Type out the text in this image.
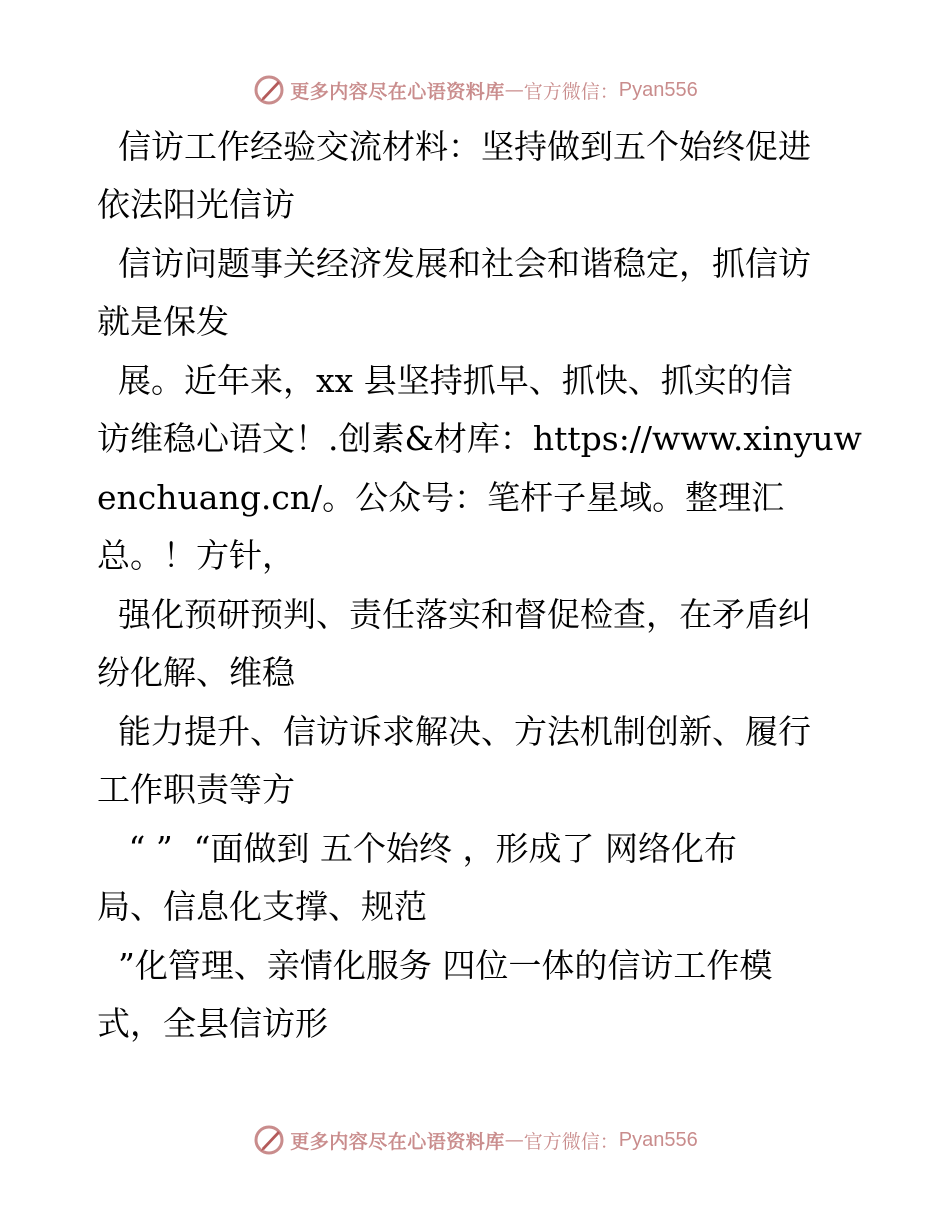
更多内容尽在心语资料库 — 官方微信： Pyan556
信访工作经验交流材料：坚持做到五个始终促进
依法阳光信访
信访问题事关经济发展和社会和谐稳定，抓信访
就是保发
展。近年来，xx 县坚持抓早、抓快、抓实的信
访维稳心语文！.创素&材库：https://www.xinyuw
enchuang.cn/。公众号：笔杆子星域。整理汇
总。！方针，
强化预研预判、责任落实和督促检查，在矛盾纠
纷化解、维稳
能力提升、信访诉求解决、方法机制创新、履行
工作职责等方
“ ”  “面做到 五个始终 ，形成了 网络化布
局、信息化支撑、规范
”化管理、亲情化服务 四位一体的信访工作模
式，全县信访形
更多内容尽在心语资料库 — 官方微信： Pyan556
